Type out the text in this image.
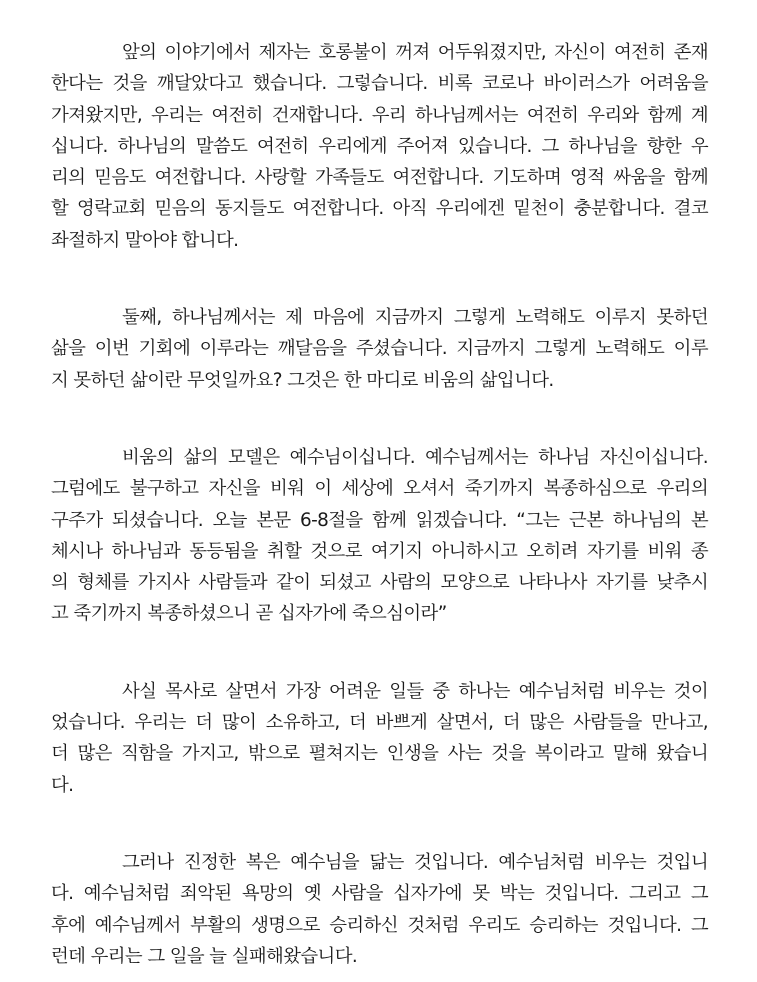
앞의 이야기에서 제자는 호롱불이 꺼져 어두워졌지만, 자신이 여전히 존재
한다는 것을 깨달았다고 했습니다. 그렇습니다. 비록 코로나 바이러스가 어려움을
가져왔지만, 우리는 여전히 건재합니다. 우리 하나님께서는 여전히 우리와 함께 계
십니다. 하나님의 말씀도 여전히 우리에게 주어져 있습니다. 그 하나님을 향한 우
리의 믿음도 여전합니다. 사랑할 가족들도 여전합니다. 기도하며 영적 싸움을 함께
할 영락교회 믿음의 동지들도 여전합니다. 아직 우리에겐 밑천이 충분합니다. 결코
좌절하지 말아야 합니다.
둘째, 하나님께서는 제 마음에 지금까지 그렇게 노력해도 이루지 못하던
삶을 이번 기회에 이루라는 깨달음을 주셨습니다. 지금까지 그렇게 노력해도 이루
지 못하던 삶이란 무엇일까요? 그것은 한 마디로 비움의 삶입니다.
비움의 삶의 모델은 예수님이십니다. 예수님께서는 하나님 자신이십니다.
그럼에도 불구하고 자신을 비워 이 세상에 오셔서 죽기까지 복종하심으로 우리의
구주가 되셨습니다. 오늘 본문 6-8절을 함께 읽겠습니다. “그는 근본 하나님의 본
체시나 하나님과 동등됨을 취할 것으로 여기지 아니하시고 오히려 자기를 비워 종
의 형체를 가지사 사람들과 같이 되셨고 사람의 모양으로 나타나사 자기를 낮추시
고 죽기까지 복종하셨으니 곧 십자가에 죽으심이라”
사실 목사로 살면서 가장 어려운 일들 중 하나는 예수님처럼 비우는 것이
었습니다. 우리는 더 많이 소유하고, 더 바쁘게 살면서, 더 많은 사람들을 만나고,
더 많은 직함을 가지고, 밖으로 펼쳐지는 인생을 사는 것을 복이라고 말해 왔습니
다.
그러나 진정한 복은 예수님을 닮는 것입니다. 예수님처럼 비우는 것입니
다. 예수님처럼 죄악된 욕망의 옛 사람을 십자가에 못 박는 것입니다. 그리고 그
후에 예수님께서 부활의 생명으로 승리하신 것처럼 우리도 승리하는 것입니다. 그
런데 우리는 그 일을 늘 실패해왔습니다.
